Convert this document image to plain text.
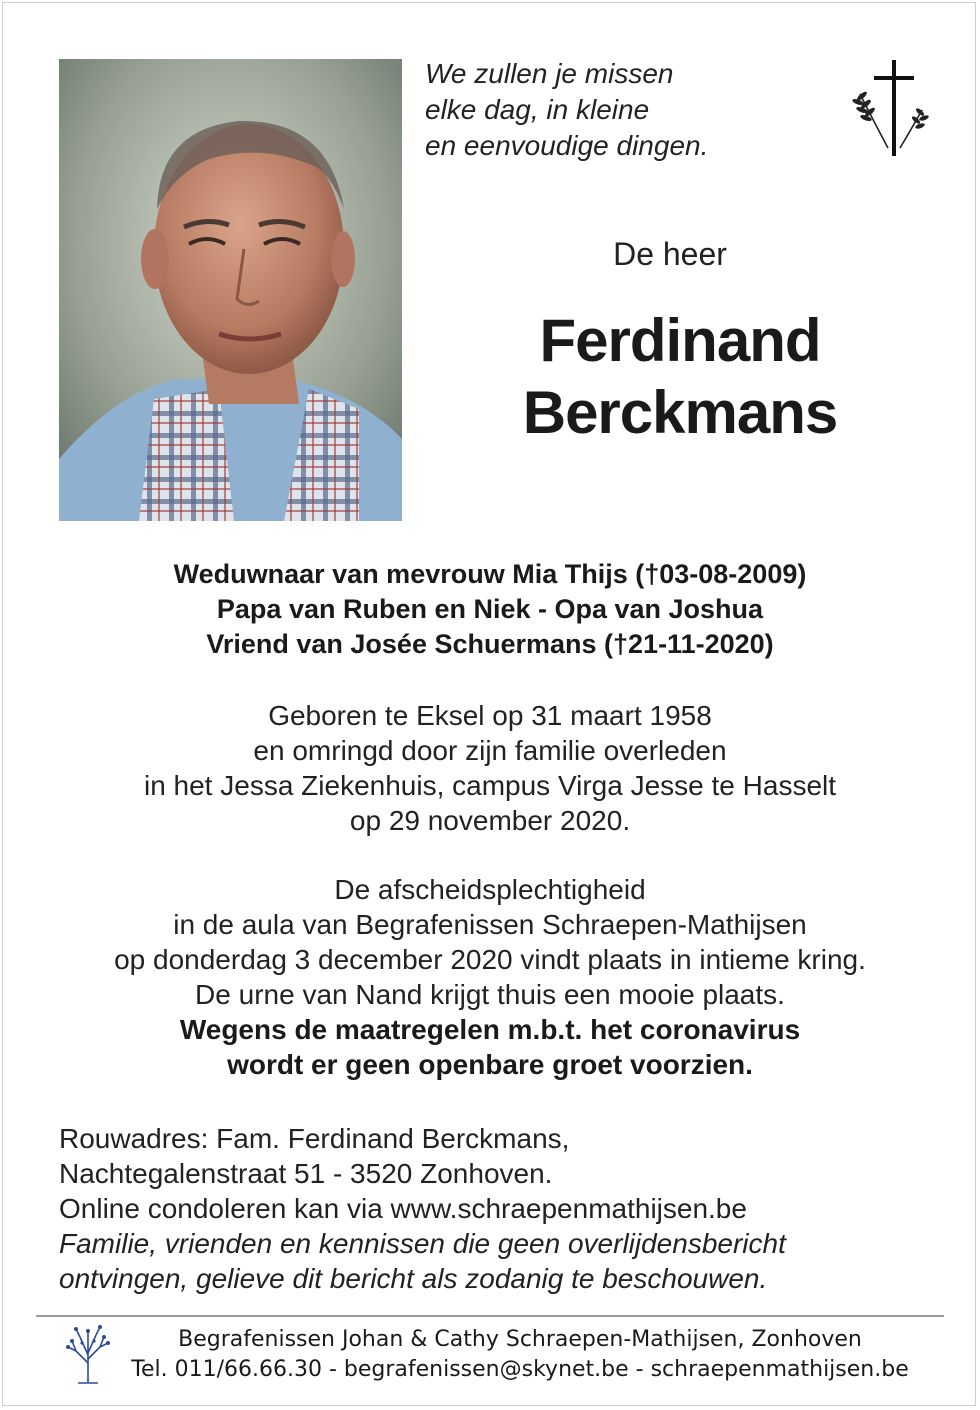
We zullen je missen
elke dag, in kleine
en eenvoudige dingen.
De heer
Ferdinand
Berckmans
Weduwnaar van mevrouw Mia Thijs (†03-08-2009)
Papa van Ruben en Niek - Opa van Joshua
Vriend van Josée Schuermans (†21-11-2020)
Geboren te Eksel op 31 maart 1958
en omringd door zijn familie overleden
in het Jessa Ziekenhuis, campus Virga Jesse te Hasselt
op 29 november 2020.
De afscheidsplechtigheid
in de aula van Begrafenissen Schraepen-Mathijsen
op donderdag 3 december 2020 vindt plaats in intieme kring.
De urne van Nand krijgt thuis een mooie plaats.
Wegens de maatregelen m.b.t. het coronavirus
wordt er geen openbare groet voorzien.
Rouwadres: Fam. Ferdinand Berckmans,
Nachtegalenstraat 51 - 3520 Zonhoven.
Online condoleren kan via www.schraepenmathijsen.be
Familie, vrienden en kennissen die geen overlijdensbericht
ontvingen, gelieve dit bericht als zodanig te beschouwen.
Begrafenissen Johan & Cathy Schraepen-Mathijsen, Zonhoven
Tel. 011/66.66.30 - begrafenissen@skynet.be - schraepenmathijsen.be
